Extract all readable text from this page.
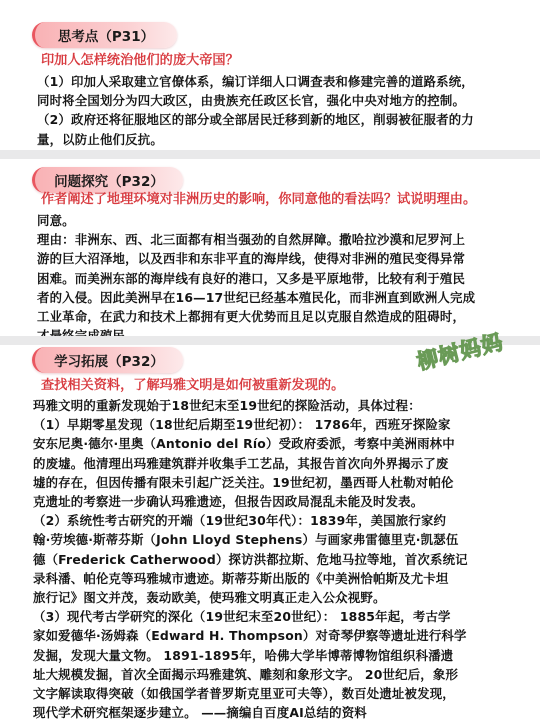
思考点（P31）
印加人怎样统治他们的庞大帝国？

（1）印加人采取建立官僚体系，编订详细人口调查表和修建完善的道路系统，

同时将全国划分为四大政区，由贵族充任政区长官，强化中央对地方的控制。

（2）政府还将征服地区的部分或全部居民迁移到新的地区，削弱被征服者的力

量，以防止他们反抗。

问题探究（P32）
作者阐述了地理环境对非洲历史的影响，你同意他的看法吗？试说明理由。

同意。

理由：非洲东、西、北三面都有相当强劲的自然屏障。撒哈拉沙漠和尼罗河上

游的巨大沼泽地，以及西非和东非平直的海岸线，使得对非洲的殖民变得异常

困难。而美洲东部的海岸线有良好的港口，又多是平原地带，比较有利于殖民

者的入侵。因此美洲早在16—17世纪已经基本殖民化，而非洲直到欧洲人完成

工业革命，在武力和技术上都拥有更大优势而且足以克服自然造成的阻碍时，

柳树妈妈
学习拓展（P32）
查找相关资料，了解玛雅文明是如何被重新发现的。

玛雅文明的重新发现始于18世纪末至19世纪的探险活动，具体过程：

（1）早期零星发现（18世纪后期至19世纪初）： 1786年，西班牙探险家

安东尼奥·德尔·里奥（Antonio del Río）受政府委派，考察中美洲雨林中

的废墟。他清理出玛雅建筑群并收集手工艺品，其报告首次向外界揭示了废

墟的存在，但因传播有限未引起广泛关注。19世纪初，墨西哥人杜勒对帕伦

克遗址的考察进一步确认玛雅遗迹，但报告因政局混乱未能及时发表。

（2）系统性考古研究的开端（19世纪30年代）：1839年，美国旅行家约

翰·劳埃德·斯蒂芬斯（John Lloyd Stephens）与画家弗雷德里克·凯瑟伍

德（Frederick Catherwood）探访洪都拉斯、危地马拉等地，首次系统记

录科潘、帕伦克等玛雅城市遗迹。斯蒂芬斯出版的《中美洲恰帕斯及尤卡坦

旅行记》图文并茂，轰动欧美，使玛雅文明真正走入公众视野。

（3）现代考古学研究的深化（19世纪末至20世纪）： 1885年起，考古学

家如爱德华·汤姆森（Edward H. Thompson）对奇琴伊察等遗址进行科学

发掘，发现大量文物。 1891-1895年，哈佛大学毕博蒂博物馆组织科潘遗

址大规模发掘，首次全面揭示玛雅建筑、雕刻和象形文字。 20世纪后，象形

文字解读取得突破（如俄国学者普罗斯克里亚可夫等），数百处遗址被发现，

现代学术研究框架逐步建立。 ——摘编自百度AI总结的资料
